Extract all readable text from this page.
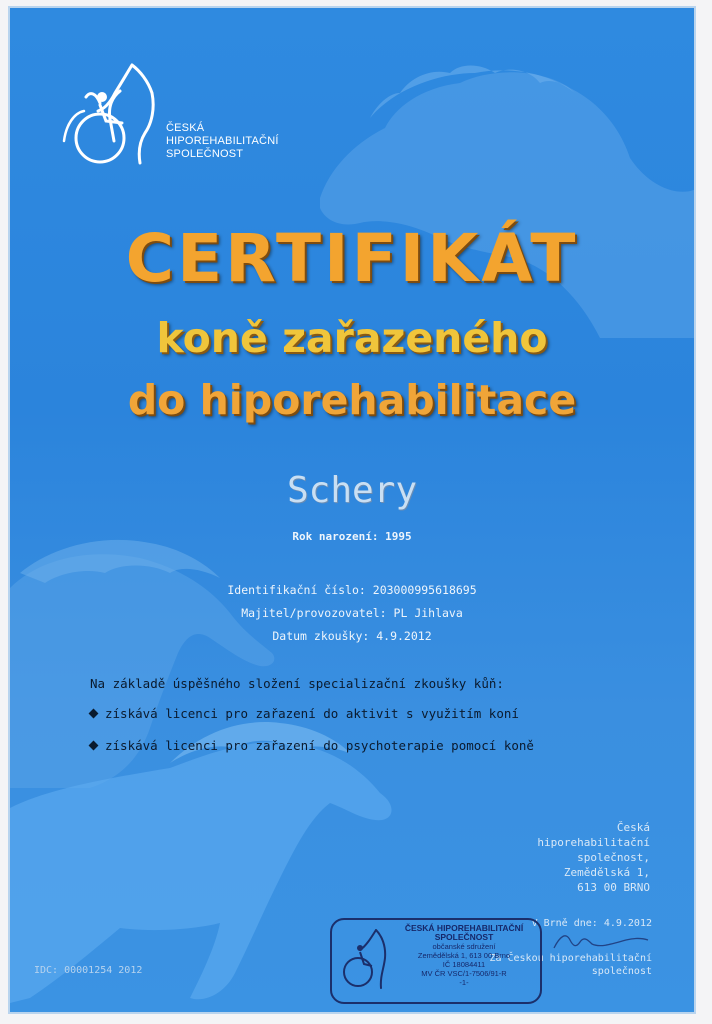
ČESKÁ
HIPOREHABILITAČNÍ
SPOLEČNOST
CERTIFIKÁT
koně zařazeného
do hiporehabilitace
Schery
Rok narození: 1995
Identifikační číslo: 203000995618695
Majitel/provozovatel: PL Jihlava
Datum zkoušky: 4.9.2012
Na základě úspěšného složení specializační zkoušky kůň:
získává licenci pro zařazení do aktivit s využitím koní
získává licenci pro zařazení do psychoterapie pomocí koně
Česká
hiporehabilitační
společnost,
Zemědělská 1,
613 00 BRNO
V Brně dne: 4.9.2012
Za Českou hiporehabilitační
společnost
IDC: 00001254 2012
ČESKÁ HIPOREHABILITAČNÍ
SPOLEČNOST
občanské sdružení
Zemědělská 1, 613 00 Brno
IČ 18084411
MV ČR VSC/1-7506/91-R
-1-
